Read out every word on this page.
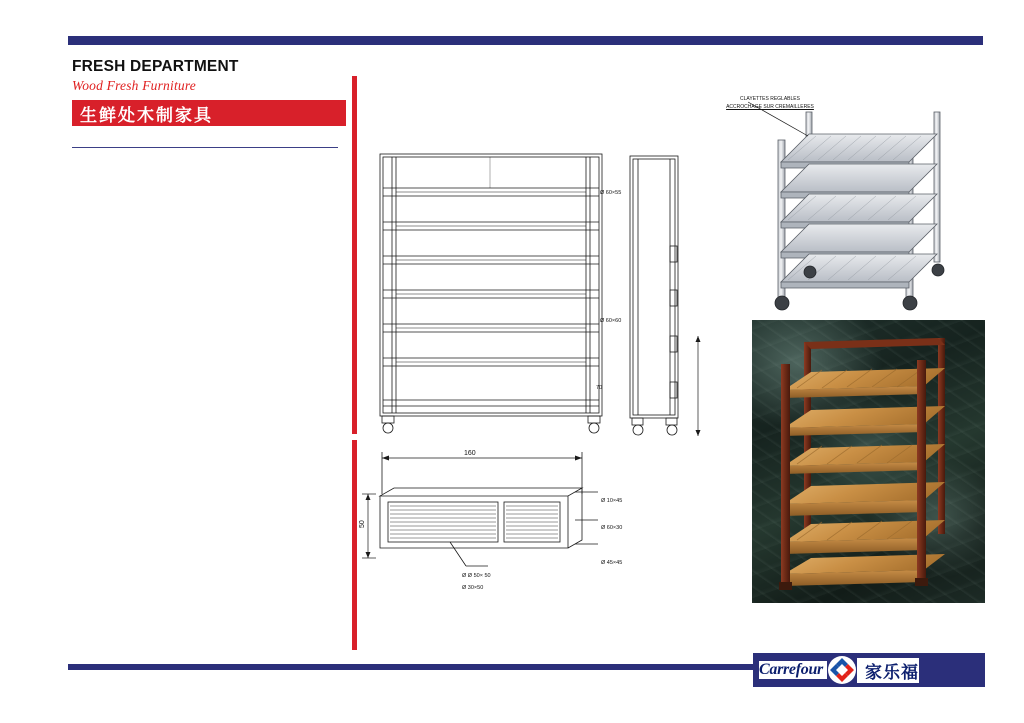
FRESH DEPARTMENT

Wood Fresh Furniture

生鲜处木制家具
Ø 60×55
Ø 60×60
70
160
50
Ø 10×45
Ø 60×30
Ø 45×45
Ø Ø 50× 50
Ø 30×50
CLAYETTES REGLABLES
ACCROCHAGE SUR CREMAILLERES
Carrefour	家乐福
